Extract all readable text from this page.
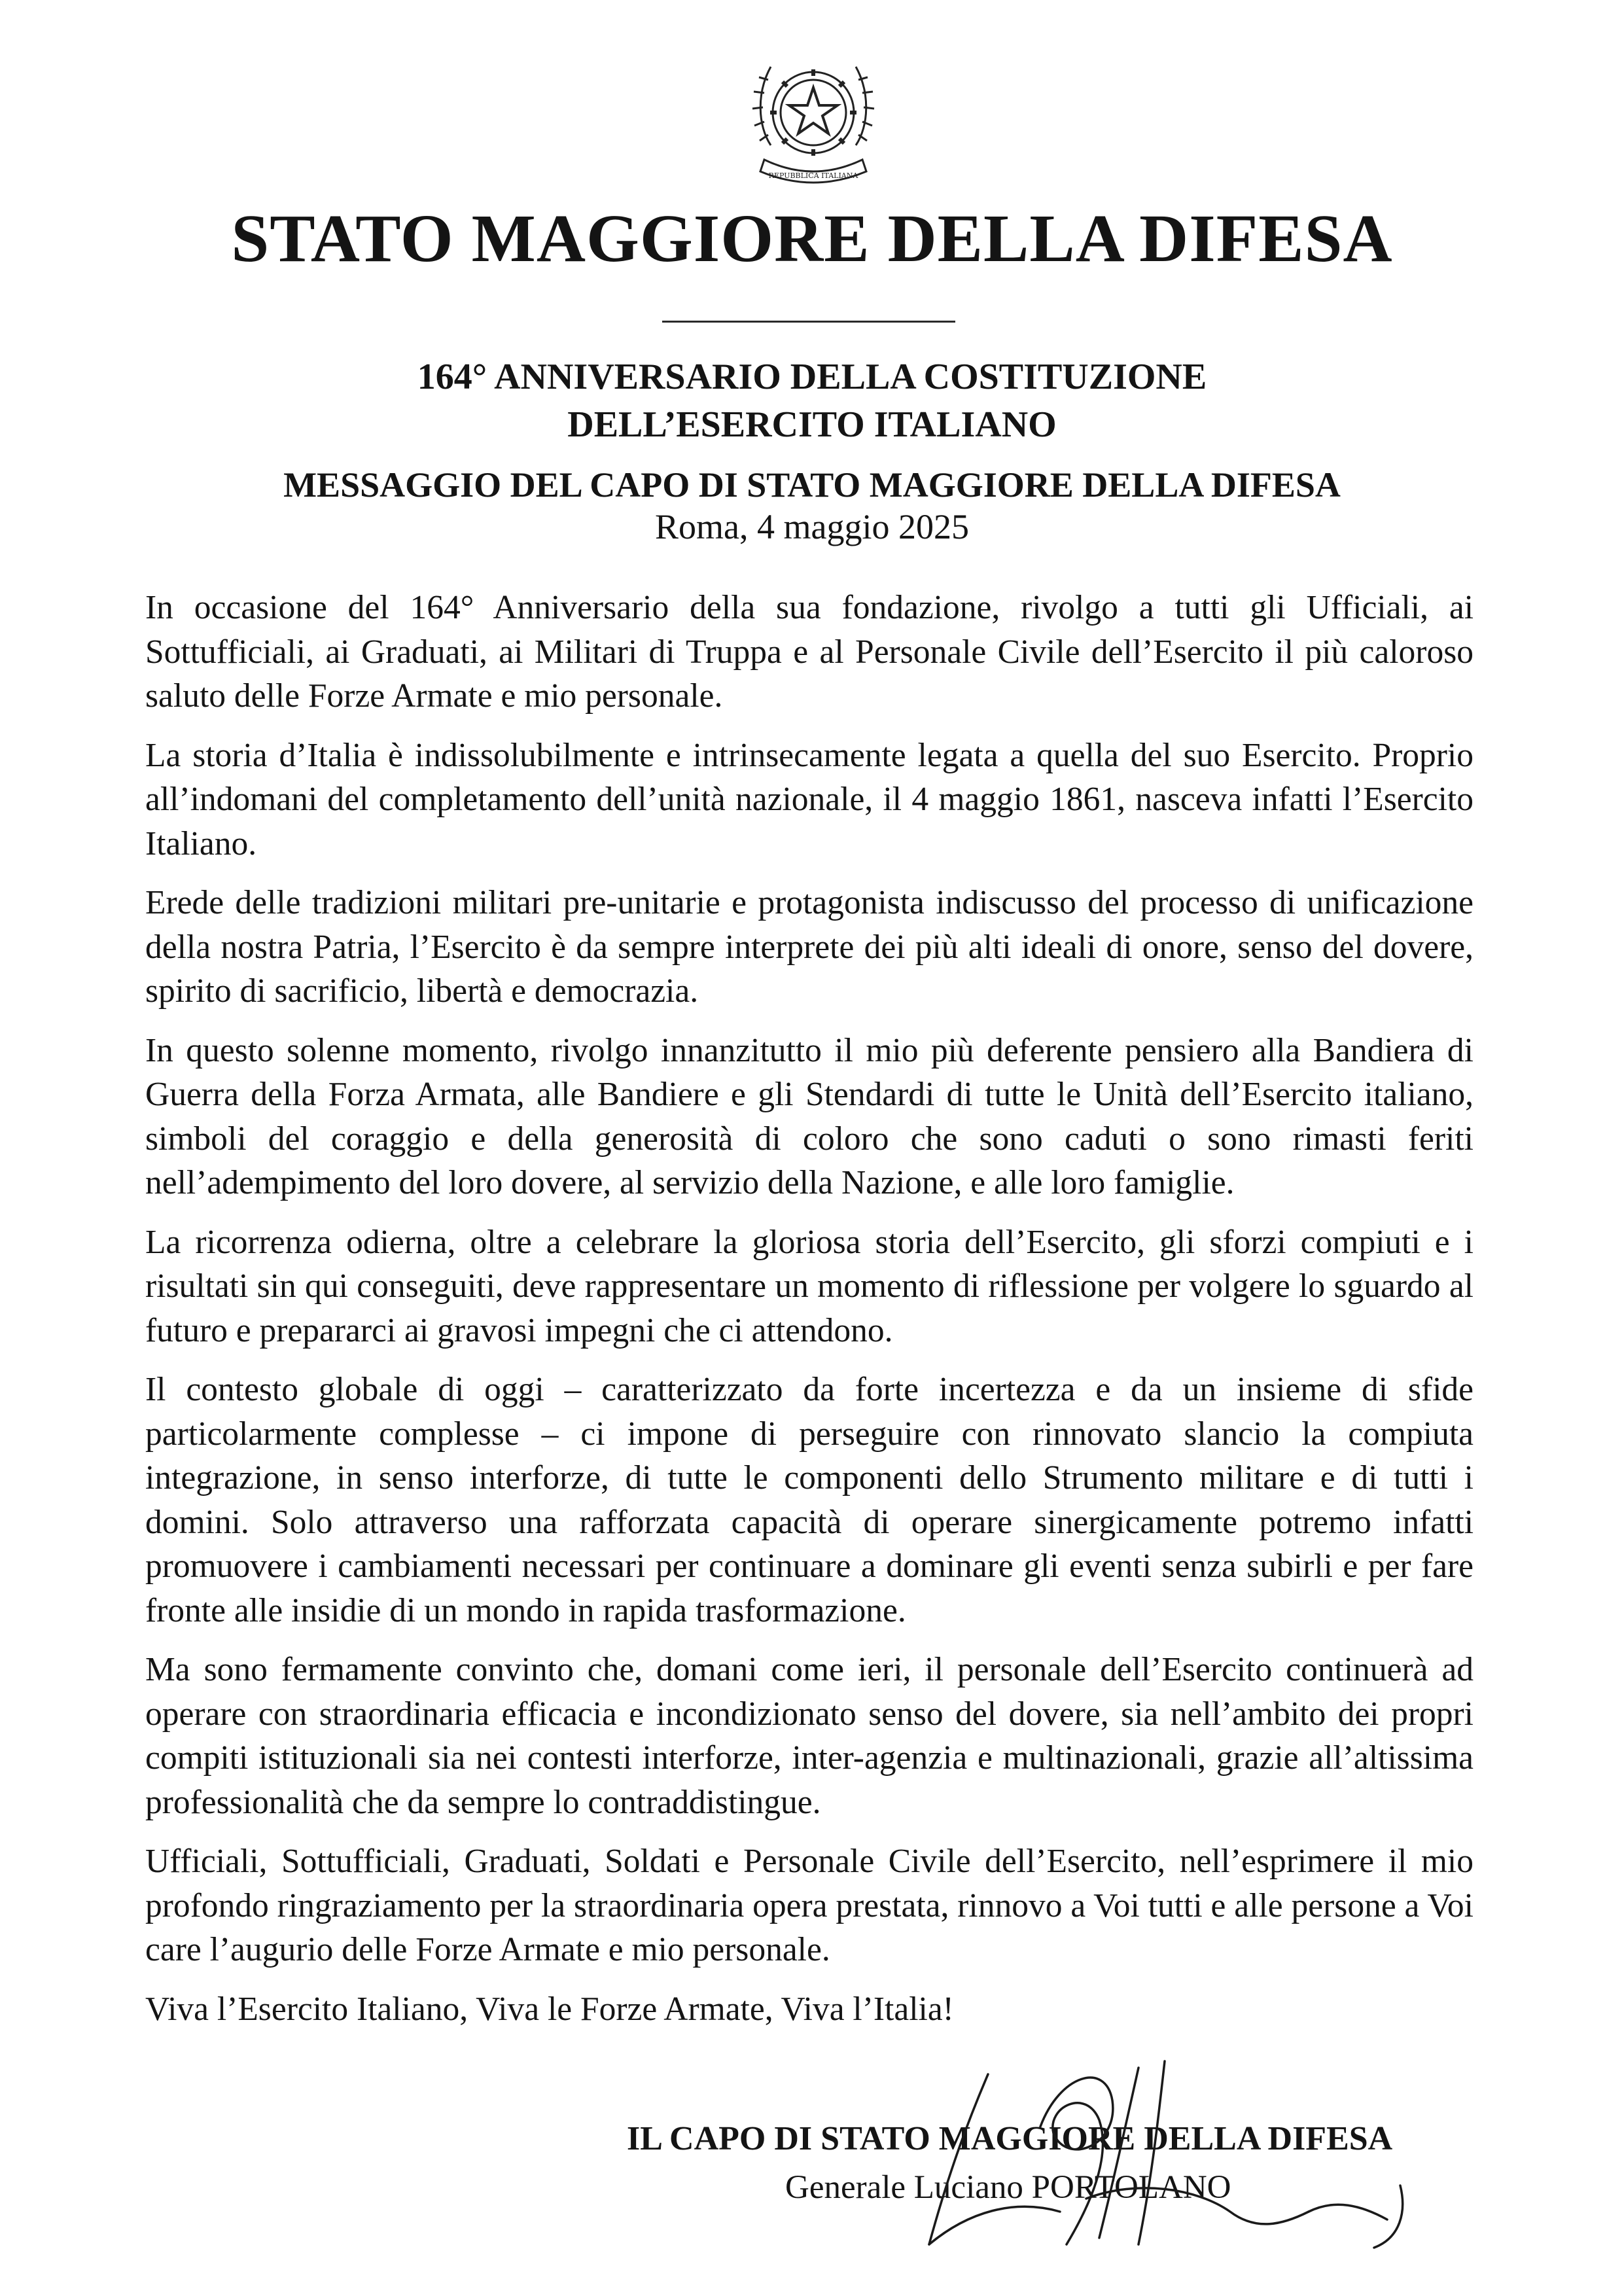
REPUBBLICA ITALIANA
STATO MAGGIORE DELLA DIFESA
164° ANNIVERSARIO DELLA COSTITUZIONE
DELL’ESERCITO ITALIANO
MESSAGGIO DEL CAPO DI STATO MAGGIORE DELLA DIFESA
Roma, 4 maggio 2025

In occasione del 164° Anniversario della sua fondazione, rivolgo a tutti gli Ufficiali, ai Sottufficiali, ai Graduati, ai Militari di Truppa e al Personale Civile dell’Esercito il più caloroso saluto delle Forze Armate e mio personale.

La storia d’Italia è indissolubilmente e intrinsecamente legata a quella del suo Esercito. Proprio all’indomani del completamento dell’unità nazionale, il 4 maggio 1861, nasceva infatti l’Esercito Italiano.

Erede delle tradizioni militari pre-unitarie e protagonista indiscusso del processo di unificazione della nostra Patria, l’Esercito è da sempre interprete dei più alti ideali di onore, senso del dovere, spirito di sacrificio, libertà e democrazia.

In questo solenne momento, rivolgo innanzitutto il mio più deferente pensiero alla Bandiera di Guerra della Forza Armata, alle Bandiere e gli Stendardi di tutte le Unità dell’Esercito italiano, simboli del coraggio e della generosità di coloro che sono caduti o sono rimasti feriti nell’adempimento del loro dovere, al servizio della Nazione, e alle loro famiglie.

La ricorrenza odierna, oltre a celebrare la gloriosa storia dell’Esercito, gli sforzi compiuti e i risultati sin qui conseguiti, deve rappresentare un momento di riflessione per volgere lo sguardo al futuro e prepararci ai gravosi impegni che ci attendono.

Il contesto globale di oggi – caratterizzato da forte incertezza e da un insieme di sfide particolarmente complesse – ci impone di perseguire con rinnovato slancio la compiuta integrazione, in senso interforze, di tutte le componenti dello Strumento militare e di tutti i domini. Solo attraverso una rafforzata capacità di operare sinergicamente potremo infatti promuovere i cambiamenti necessari per continuare a dominare gli eventi senza subirli e per fare fronte alle insidie di un mondo in rapida trasformazione.

Ma sono fermamente convinto che, domani come ieri, il personale dell’Esercito continuerà ad operare con straordinaria efficacia e incondizionato senso del dovere, sia nell’ambito dei propri compiti istituzionali sia nei contesti interforze, inter-agenzia e multinazionali, grazie all’altissima professionalità che da sempre lo contraddistingue.

Ufficiali, Sottufficiali, Graduati, Soldati e Personale Civile dell’Esercito, nell’esprimere il mio profondo ringraziamento per la straordinaria opera prestata, rinnovo a Voi tutti e alle persone a Voi care l’augurio delle Forze Armate e mio personale.

Viva l’Esercito Italiano, Viva le Forze Armate, Viva l’Italia!

IL CAPO DI STATO MAGGIORE DELLA DIFESA
Generale Luciano PORTOLANO
